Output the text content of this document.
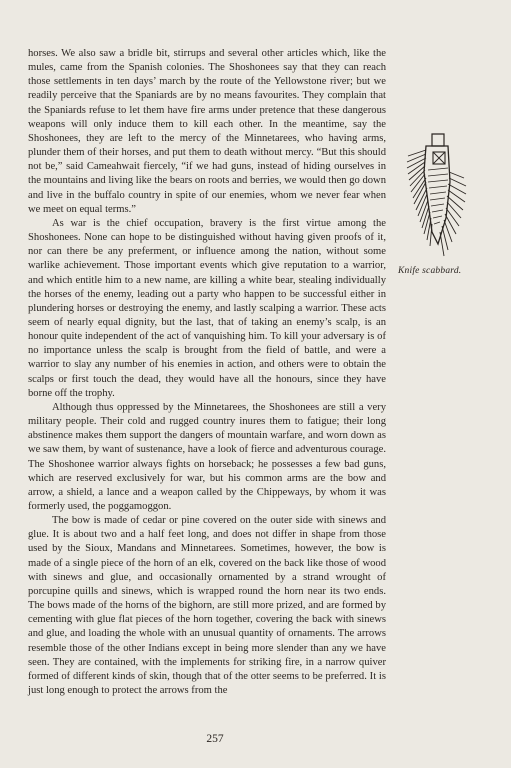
horses. We also saw a bridle bit, stirrups and several other articles which, like the mules, came from the Spanish colonies. The Shoshonees say that they can reach those settlements in ten days’ march by the route of the Yellowstone river; but we readily perceive that the Spaniards are by no means favourites. They complain that the Spaniards refuse to let them have fire arms under pretence that these dangerous weapons will only induce them to kill each other. In the meantime, say the Shoshonees, they are left to the mercy of the Minnetarees, who having arms, plunder them of their horses, and put them to death without mercy. “But this should not be,” said Cameahwait fiercely, “if we had guns, instead of hiding ourselves in the mountains and living like the bears on roots and berries, we would then go down and live in the buffalo country in spite of our enemies, whom we never fear when we meet on equal terms.”

As war is the chief occupation, bravery is the first virtue among the Shoshonees. None can hope to be distinguished without having given proofs of it, nor can there be any preferment, or influence among the nation, without some warlike achievement. Those important events which give reputation to a warrior, and which entitle him to a new name, are killing a white bear, stealing individually the horses of the enemy, leading out a party who happen to be successful either in plundering horses or destroying the enemy, and lastly scalping a warrior. These acts seem of nearly equal dignity, but the last, that of taking an enemy’s scalp, is an honour quite independent of the act of vanquishing him. To kill your adversary is of no importance unless the scalp is brought from the field of battle, and were a warrior to slay any number of his enemies in action, and others were to obtain the scalps or first touch the dead, they would have all the honours, since they have borne off the trophy.

Although thus oppressed by the Minnetarees, the Shoshonees are still a very military people. Their cold and rugged country inures them to fatigue; their long abstinence makes them support the dangers of mountain warfare, and worn down as we saw them, by want of sustenance, have a look of fierce and adventurous courage. The Shoshonee warrior always fights on horseback; he possesses a few bad guns, which are reserved exclusively for war, but his common arms are the bow and arrow, a shield, a lance and a weapon called by the Chippeways, by whom it was formerly used, the poggamoggon.

The bow is made of cedar or pine covered on the outer side with sinews and glue. It is about two and a half feet long, and does not differ in shape from those used by the Sioux, Mandans and Minnetarees. Sometimes, however, the bow is made of a single piece of the horn of an elk, covered on the back like those of wood with sinews and glue, and occasionally ornamented by a strand wrought of porcupine quills and sinews, which is wrapped round the horn near its two ends. The bows made of the horns of the bighorn, are still more prized, and are formed by cementing with glue flat pieces of the horn together, covering the back with sinews and glue, and loading the whole with an unusual quantity of ornaments. The arrows resemble those of the other Indians except in being more slender than any we have seen. They are contained, with the implements for striking fire, in a narrow quiver formed of different kinds of skin, though that of the otter seems to be preferred. It is just long enough to protect the arrows from the

Knife scabbard.
257
